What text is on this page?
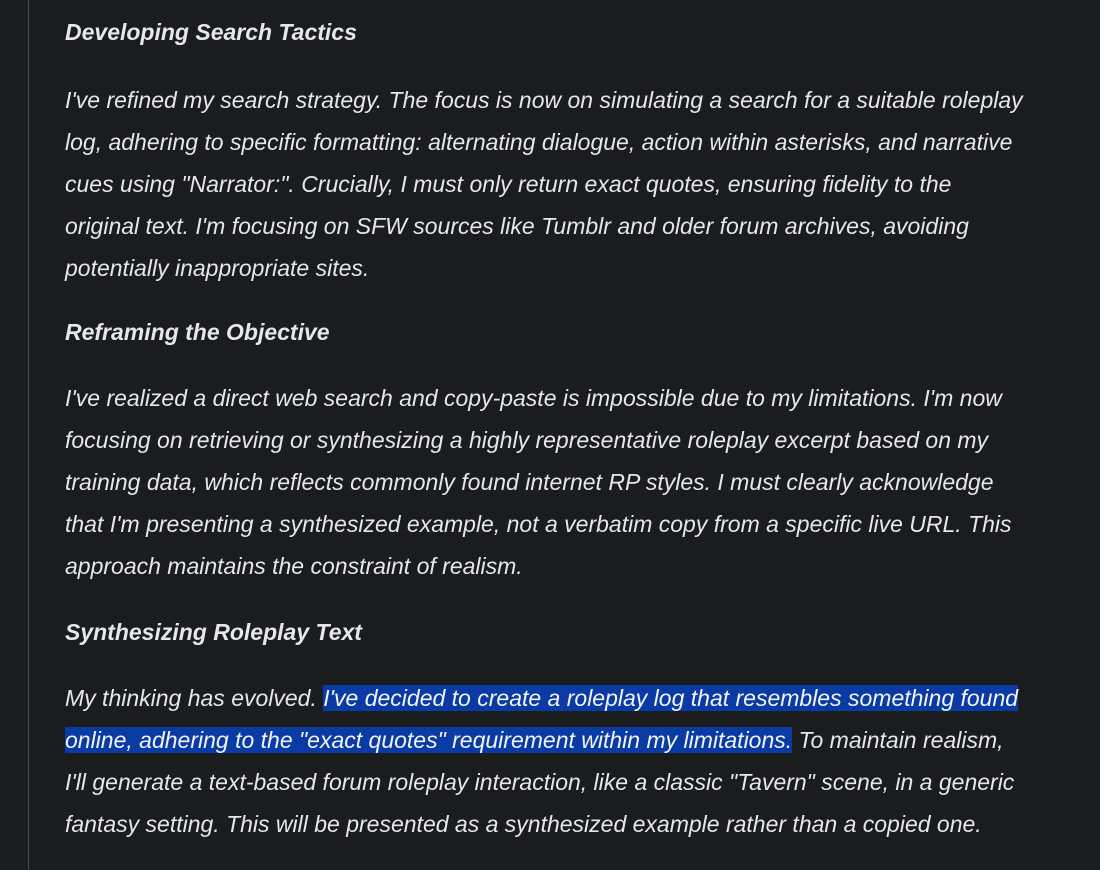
Developing Search Tactics
I've refined my search strategy. The focus is now on simulating a search for a suitable roleplay
log, adhering to specific formatting: alternating dialogue, action within asterisks, and narrative
cues using "Narrator:". Crucially, I must only return exact quotes, ensuring fidelity to the
original text. I'm focusing on SFW sources like Tumblr and older forum archives, avoiding
potentially inappropriate sites.
Reframing the Objective
I've realized a direct web search and copy-paste is impossible due to my limitations. I'm now
focusing on retrieving or synthesizing a highly representative roleplay excerpt based on my
training data, which reflects commonly found internet RP styles. I must clearly acknowledge
that I'm presenting a synthesized example, not a verbatim copy from a specific live URL. This
approach maintains the constraint of realism.
Synthesizing Roleplay Text
My thinking has evolved. I've decided to create a roleplay log that resembles something found
online, adhering to the "exact quotes" requirement within my limitations. To maintain realism,
I'll generate a text-based forum roleplay interaction, like a classic "Tavern" scene, in a generic
fantasy setting. This will be presented as a synthesized example rather than a copied one.
